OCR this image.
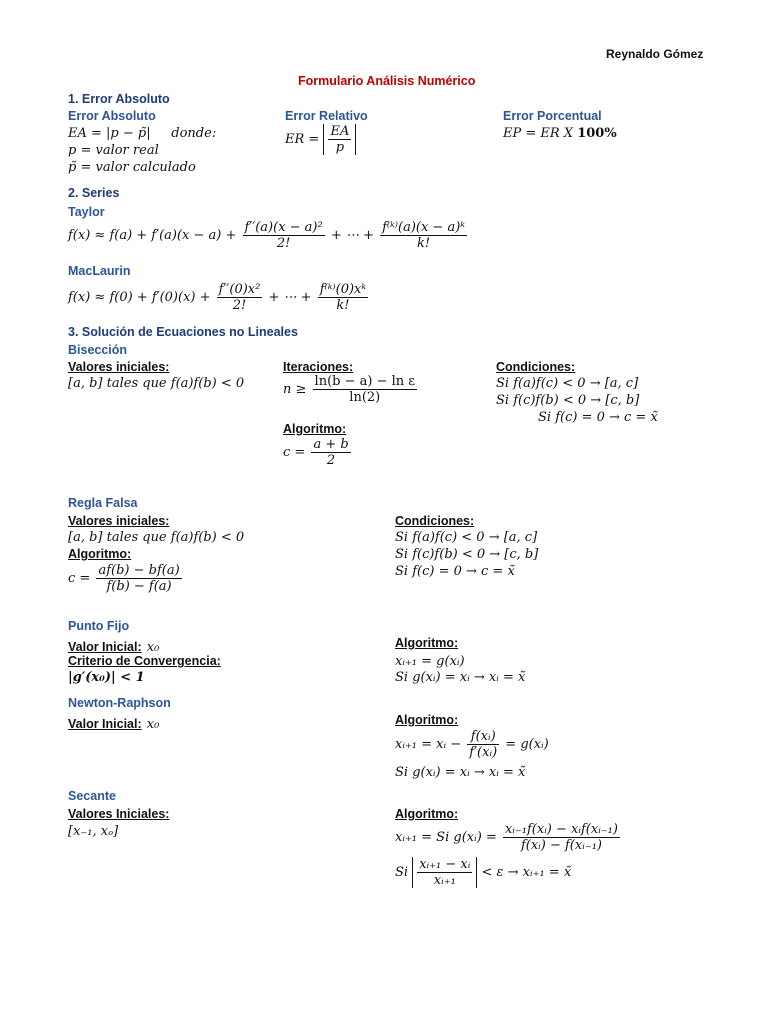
Reynaldo Gómez
Formulario Análisis Numérico
1. Error Absoluto
Error Absoluto
EA = |p − p̃| donde:
p = valor real
p̃ = valor calculado
Error Relativo
ER = $\frac{EA}{p}$
Error Porcentual
EP = ER X 100%
2. Series
Taylor
$f(x) \approx f(a) + f'(a)(x - a) + \frac{\text{f′′(a)(x − a)²}}{2!}$ + ⋯ + $\frac{\text{f⁽ᵏ⁾(a)(x − a)ᵏ}}{k!}$
MacLaurin
$f(x) \approx f(0) + f'(0)(x) + \frac{\text{f′′(0)x²}}{2!}$ + ⋯ + $\frac{\text{f⁽ᵏ⁾(0)xᵏ}}{k!}$
3. Solución de Ecuaciones no Lineales
Bisección
Valores iniciales:
[a, b] tales que f(a)f(b) < 0
Iteraciones:
$n \ge \frac{\text{ln(b − a) − ln ε}}{\ln(2)}$
Algoritmo:
$c = \frac{a + b}{2}$
Condiciones:
Si f(a)f(c) < 0 → [a, c]
Si f(c)f(b) < 0 → [c, b]
Si f(c) = 0 → c = x̃
Regla Falsa
Valores iniciales:
[a, b] tales que f(a)f(b) < 0
Algoritmo:
$c = \frac{af(b) - bf(a)}{f(b) - f(a)}$
Condiciones:
Si f(a)f(c) < 0 → [a, c]
Si f(c)f(b) < 0 → [c, b]
Si f(c) = 0 → c = x̃
Punto Fijo
Valor Inicial: x₀
Criterio de Convergencia:
|g′(x₀)| < 1
Algoritmo:
xᵢ₊₁ = g(xᵢ)
Si g(xᵢ) = xᵢ → xᵢ = x̃
Newton-Raphson
Valor Inicial: x₀	Algoritmo:
xᵢ₊₁ = xᵢ − $\frac{\text{f(xᵢ)}}{\text{f′(xᵢ)}}$ = g(xᵢ)
Si g(xᵢ) = xᵢ → xᵢ = x̃
Secante
Valores Iniciales:
[x₋₁, xₒ]
Algoritmo:
xᵢ₊₁ = Si g(xᵢ) = $\frac{\text{xᵢ₋₁f(xᵢ) − xᵢf(xᵢ₋₁)}}{\text{f(xᵢ) − f(xᵢ₋₁)}}$
Si $\frac{\text{xᵢ₊₁ − xᵢ}}{\text{xᵢ₊₁}} < \varepsilon$ → xᵢ₊₁ = x̃
